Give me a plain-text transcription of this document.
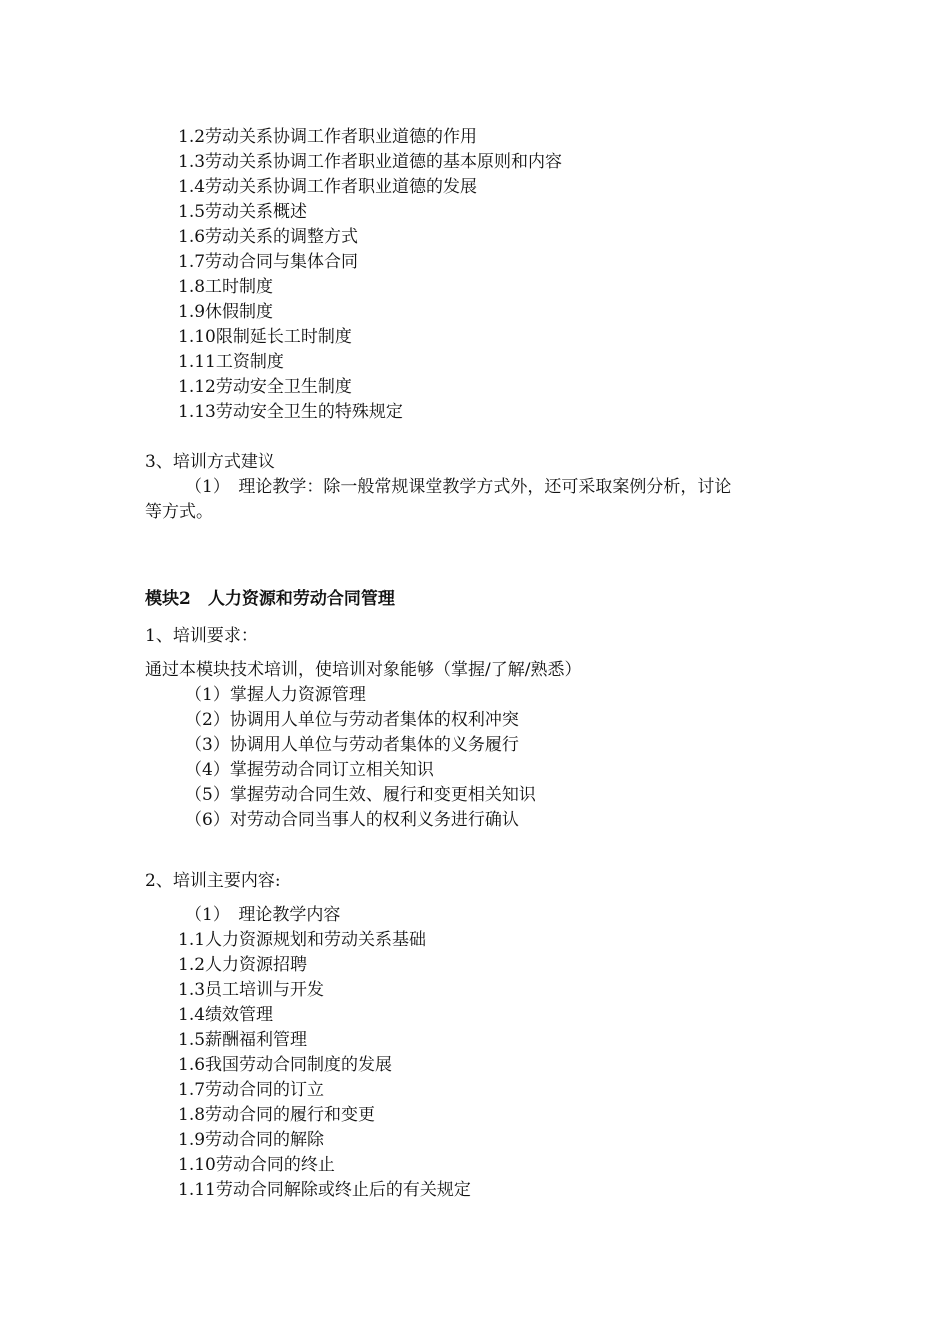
1.2劳动关系协调工作者职业道德的作用
1.3劳动关系协调工作者职业道德的基本原则和内容
1.4劳动关系协调工作者职业道德的发展
1.5劳动关系概述
1.6劳动关系的调整方式
1.7劳动合同与集体合同
1.8工时制度
1.9休假制度
1.10限制延长工时制度
1.11工资制度
1.12劳动安全卫生制度
1.13劳动安全卫生的特殊规定
3、培训方式建议
（1）　理论教学：除一般常规课堂教学方式外，还可采取案例分析，讨论
等方式。
模块2　人力资源和劳动合同管理
1、培训要求：
通过本模块技术培训，使培训对象能够（掌握/了解/熟悉）
（1）掌握人力资源管理
（2）协调用人单位与劳动者集体的权利冲突
（3）协调用人单位与劳动者集体的义务履行
（4）掌握劳动合同订立相关知识
（5）掌握劳动合同生效、履行和变更相关知识
（6）对劳动合同当事人的权利义务进行确认
2、培训主要内容:
（1）　理论教学内容
1.1人力资源规划和劳动关系基础
1.2人力资源招聘
1.3员工培训与开发
1.4绩效管理
1.5薪酬福利管理
1.6我国劳动合同制度的发展
1.7劳动合同的订立
1.8劳动合同的履行和变更
1.9劳动合同的解除
1.10劳动合同的终止
1.11劳动合同解除或终止后的有关规定
